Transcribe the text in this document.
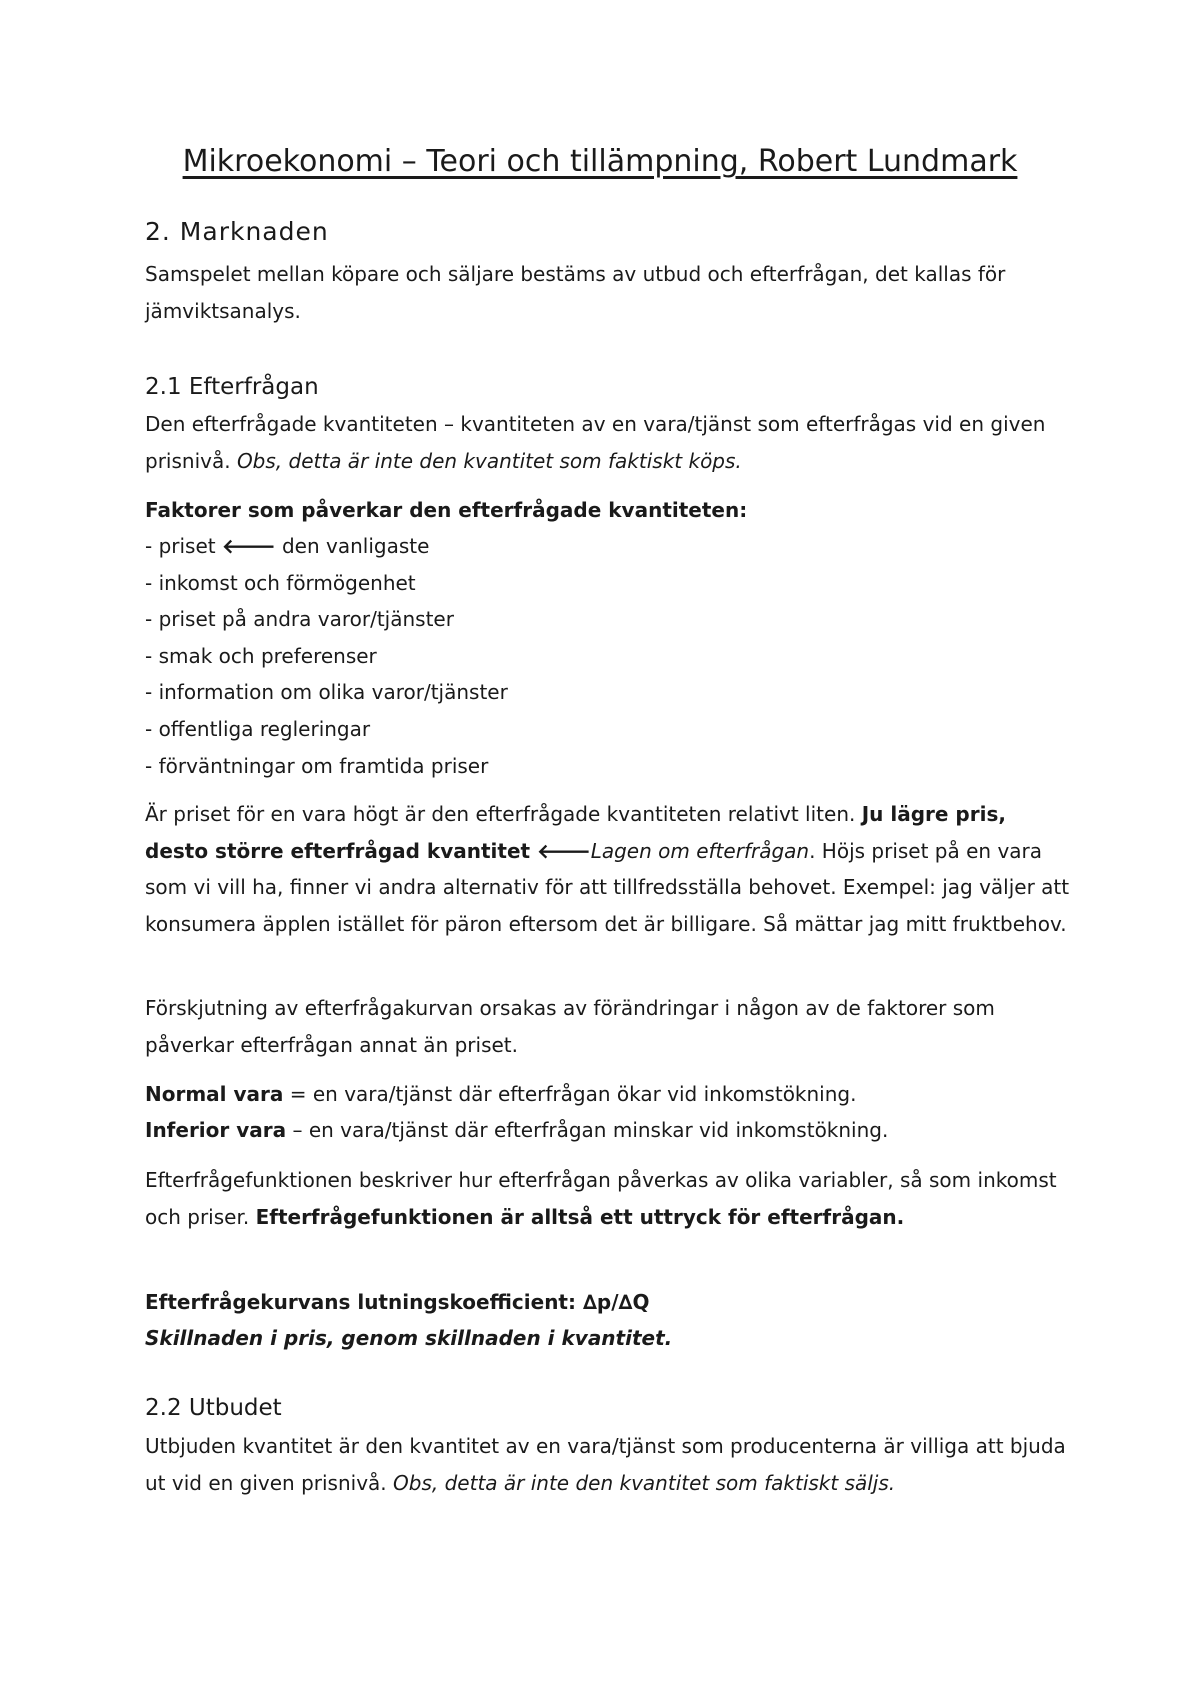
Mikroekonomi – Teori och tillämpning, Robert Lundmark
2. Marknaden

Samspelet mellan köpare och säljare bestäms av utbud och efterfrågan, det kallas för jämviktsanalys.

2.1 Efterfrågan

Den efterfrågade kvantiteten – kvantiteten av en vara/tjänst som efterfrågas vid en given prisnivå. Obs, detta är inte den kvantitet som faktiskt köps.

Faktorer som påverkar den efterfrågade kvantiteten:

- priset 🡐 den vanligaste
- inkomst och förmögenhet
- priset på andra varor/tjänster
- smak och preferenser
- information om olika varor/tjänster
- offentliga regleringar
- förväntningar om framtida priser

Är priset för en vara högt är den efterfrågade kvantiteten relativt liten. Ju lägre pris, desto större efterfrågad kvantitet 🡐Lagen om efterfrågan. Höjs priset på en vara som vi vill ha, finner vi andra alternativ för att tillfredsställa behovet. Exempel: jag väljer att konsumera äpplen istället för päron eftersom det är billigare. Så mättar jag mitt fruktbehov.

Förskjutning av efterfrågakurvan orsakas av förändringar i någon av de faktorer som påverkar efterfrågan annat än priset.

Normal vara = en vara/tjänst där efterfrågan ökar vid inkomstökning.

Inferior vara – en vara/tjänst där efterfrågan minskar vid inkomstökning.

Efterfrågefunktionen beskriver hur efterfrågan påverkas av olika variabler, så som inkomst och priser. Efterfrågefunktionen är alltså ett uttryck för efterfrågan.

Efterfrågekurvans lutningskoefficient: ∆p/∆Q

Skillnaden i pris, genom skillnaden i kvantitet.

2.2 Utbudet

Utbjuden kvantitet är den kvantitet av en vara/tjänst som producenterna är villiga att bjuda ut vid en given prisnivå. Obs, detta är inte den kvantitet som faktiskt säljs.
